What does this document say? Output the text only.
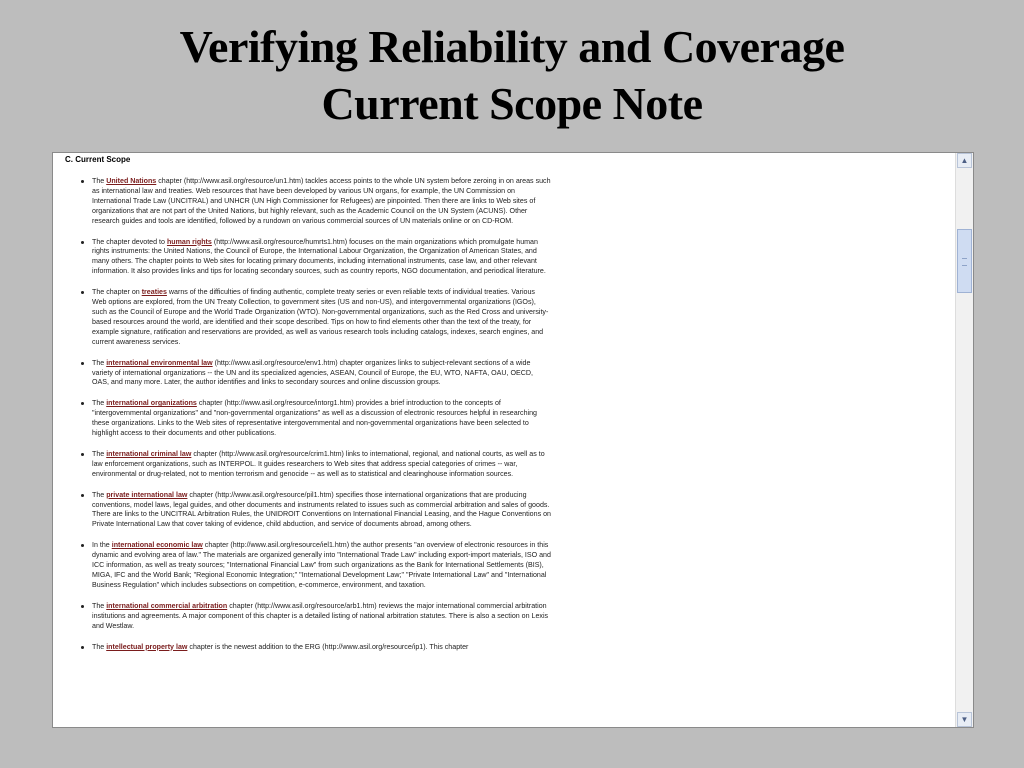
Verifying Reliability and Coverage
Current Scope Note
C. Current Scope
The United Nations chapter (http://www.asil.org/resource/un1.htm) tackles access points to the whole UN system before zeroing in on areas such as international law and treaties. Web resources that have been developed by various UN organs, for example, the UN Commission on International Trade Law (UNCITRAL) and UNHCR (UN High Commissioner for Refugees) are pinpointed. Then there are links to Web sites of organizations that are not part of the United Nations, but highly relevant, such as the Academic Council on the UN System (ACUNS). Other research guides and tools are identified, followed by a rundown on various commercial sources of UN materials online or on CD-ROM.
The chapter devoted to human rights (http://www.asil.org/resource/humrts1.htm) focuses on the main organizations which promulgate human rights instruments: the United Nations, the Council of Europe, the International Labour Organization, the Organization of American States, and many others. The chapter points to Web sites for locating primary documents, including international instruments, case law, and other relevant information. It also provides links and tips for locating secondary sources, such as country reports, NGO documentation, and periodical literature.
The chapter on treaties warns of the difficulties of finding authentic, complete treaty series or even reliable texts of individual treaties. Various Web options are explored, from the UN Treaty Collection, to government sites (US and non-US), and intergovernmental organizations (IGOs), such as the Council of Europe and the World Trade Organization (WTO). Non-governmental organizations, such as the Red Cross and university-based resources around the world, are identified and their scope described. Tips on how to find elements other than the text of the treaty, for example signature, ratification and reservations are provided, as well as various research tools including catalogs, indexes, search engines, and current awareness services.
The international environmental law (http://www.asil.org/resource/env1.htm) chapter organizes links to subject-relevant sections of a wide variety of international organizations -- the UN and its specialized agencies, ASEAN, Council of Europe, the EU, WTO, NAFTA, OAU, OECD, OAS, and many more. Later, the author identifies and links to secondary sources and online discussion groups.
The international organizations chapter (http://www.asil.org/resource/intorg1.htm) provides a brief introduction to the concepts of "intergovernmental organizations" and "non-governmental organizations" as well as a discussion of electronic resources helpful in researching these organizations. Links to the Web sites of representative intergovernmental and non-governmental organizations have been selected to highlight access to their documents and other publications.
The international criminal law chapter (http://www.asil.org/resource/crim1.htm) links to international, regional, and national courts, as well as to law enforcement organizations, such as INTERPOL. It guides researchers to Web sites that address special categories of crimes -- war, environmental or drug-related, not to mention terrorism and genocide -- as well as to statistical and clearinghouse information sources.
The private international law chapter (http://www.asil.org/resource/pil1.htm) specifies those international organizations that are producing conventions, model laws, legal guides, and other documents and instruments related to issues such as commercial arbitration and sales of goods. There are links to the UNCITRAL Arbitration Rules, the UNIDROIT Conventions on International Financial Leasing, and the Hague Conventions on Private International Law that cover taking of evidence, child abduction, and service of documents abroad, among others.
In the international economic law chapter (http://www.asil.org/resource/iel1.htm) the author presents "an overview of electronic resources in this dynamic and evolving area of law." The materials are organized generally into "International Trade Law" including export-import materials, ISO and ICC information, as well as treaty sources; "International Financial Law" from such organizations as the Bank for International Settlements (BIS), MIGA, IFC and the World Bank; "Regional Economic Integration;" "International Development Law;" "Private International Law" and "International Business Regulation" which includes subsections on competition, e-commerce, environment, and taxation.
The international commercial arbitration chapter (http://www.asil.org/resource/arb1.htm) reviews the major international commercial arbitration institutions and agreements. A major component of this chapter is a detailed listing of national arbitration statutes. There is also a section on Lexis and Westlaw.
The intellectual property law chapter is the newest addition to the ERG (http://www.asil.org/resource/ip1). This chapter
▲
▼
